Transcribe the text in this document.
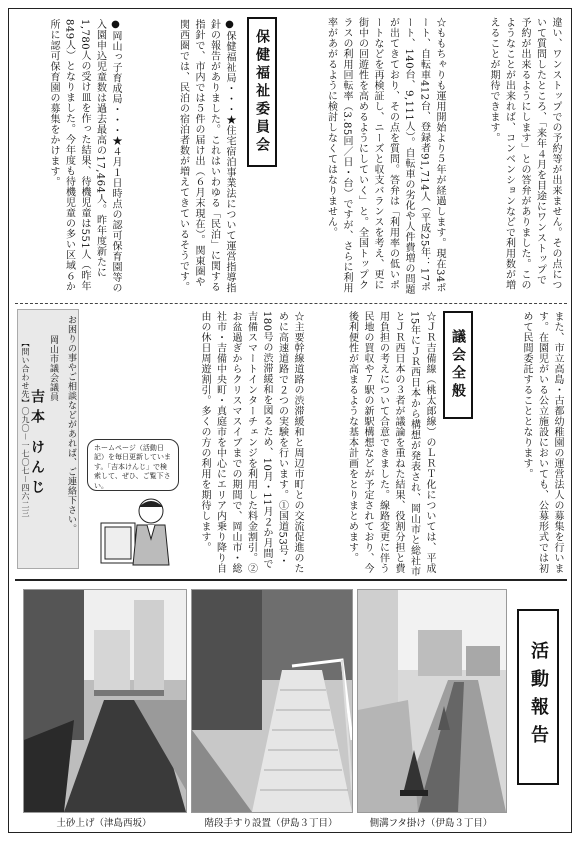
違い、ワンストップでの予約等が出来ません。その点について質問したところ、「来年４月を目途にワンストップで予約が出来るようにします」との答弁がありました。このようなことが出来れば、コンベンションなどで利用数が増えることが期待できます。
☆ももちゃりも運用開始より５年が経過します。現在34ポート、自転車412台、登録者91,714人（平成25年：17ポート、140台、9,111人）。自転車の劣化や人件費増の問題が出てきており、その点を質問。答弁は「利用率の低いポートなどを再検証し、ニーズと収支バランスを考え、更に街中の回遊性を高めるようにしていく」と。全国トップクラスの利用回転率（3.85回／日・台）ですが、さらに利用率があがるように検討しなくてはなりません。
保健福祉委員会
●保健福祉局・・・★住宅宿泊事業法について運営指導指針の報告がありました。これはいわゆる「民泊」に関する指針で、市内では５件の届け出（６月末現在）。関東圏や関西圏では、民泊の宿泊者数が増えてきているそうです。
●岡山っ子育成局・・・★４月１日時点の認可保育園等の入園申込児童数は過去最高の17,464人。昨年度新たに1,780人の受け皿を作った結果、待機児童は551人（昨年849人）となりました。今年度も待機児童の多い区域６か所に認可保育園の募集をかけます。
また、市立高島・古都幼稚園の運営法人の募集を行います。在園児がいる公立施設においても、公募形式では初めて民間委託することとなります。
議会全般
☆ＪＲ吉備線（桃太郎線）のＬＲＴ化については、平成15年にＪＲ西日本から構想が発表され、岡山市と総社市とＪＲ西日本の３者が議論を重ねた結果、役割分担と費用負担の考えについて合意できました。線路変更に伴う民地の買収や７駅の新駅構想などが予定されており、今後利便性が高まるような基本計画をとりまとめます。
☆主要幹線道路の渋滞緩和と周辺市町との交流促進のために高速道路で２つの実験を行います。①国道53号・180号の渋滞緩和を図るため、10月・11月２か月間で吉備スマートインターチェンジを利用した料金割引。②お盆過ぎからクリスマスイブまでの期間で、岡山市・総社市・吉備中央町・真庭市を中心にエリア内乗り降り自由の休日周遊割引。多くの方の利用を期待します。
お困りの事やご相談などがあれば、ご連絡下さい。
岡山市議会議員
吉本 けんじ
【問い合わせ先】〇九〇－一七〇七－四六二三	ホームページ（活動日記）を毎日更新しています。「吉本けんじ」で検索して、ぜひ、ご覧下さい。
活動報告
土砂上げ（津島西坂）	階段手すり設置（伊島３丁目）	側溝フタ掛け（伊島３丁目）
